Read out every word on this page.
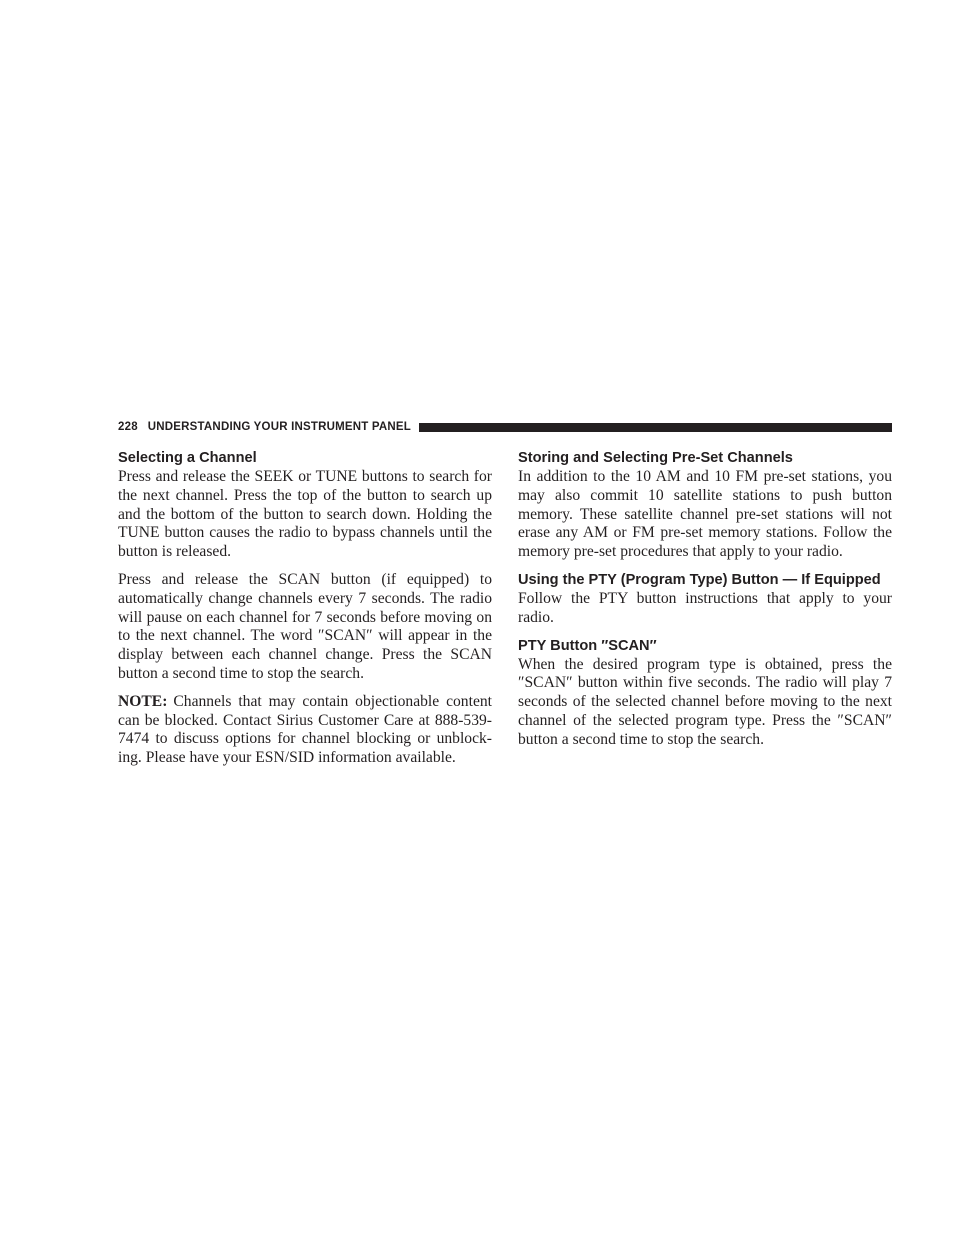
228 UNDERSTANDING YOUR INSTRUMENT PANEL
Selecting a Channel

Press and release the SEEK or TUNE buttons to search for the next channel. Press the top of the button to search up and the bottom of the button to search down. Holding the TUNE button causes the radio to bypass channels until the button is released.

Press and release the SCAN button (if equipped) to automatically change channels every 7 seconds. The radio will pause on each channel for 7 seconds before moving on to the next channel. The word ″SCAN″ will appear in the display between each channel change. Press the SCAN button a second time to stop the search.

NOTE: Channels that may contain objectionable content can be blocked. Contact Sirius Customer Care at 888-539-7474 to discuss options for channel blocking or unblock-ing. Please have your ESN/SID information available.

Storing and Selecting Pre-Set Channels

In addition to the 10 AM and 10 FM pre-set stations, you may also commit 10 satellite stations to push button memory. These satellite channel pre-set stations will not erase any AM or FM pre-set memory stations. Follow the memory pre-set procedures that apply to your radio.

Using the PTY (Program Type) Button — If Equipped

Follow the PTY button instructions that apply to your radio.

PTY Button ″SCAN″

When the desired program type is obtained, press the ″SCAN″ button within five seconds. The radio will play 7 seconds of the selected channel before moving to the next channel of the selected program type. Press the ″SCAN″ button a second time to stop the search.
